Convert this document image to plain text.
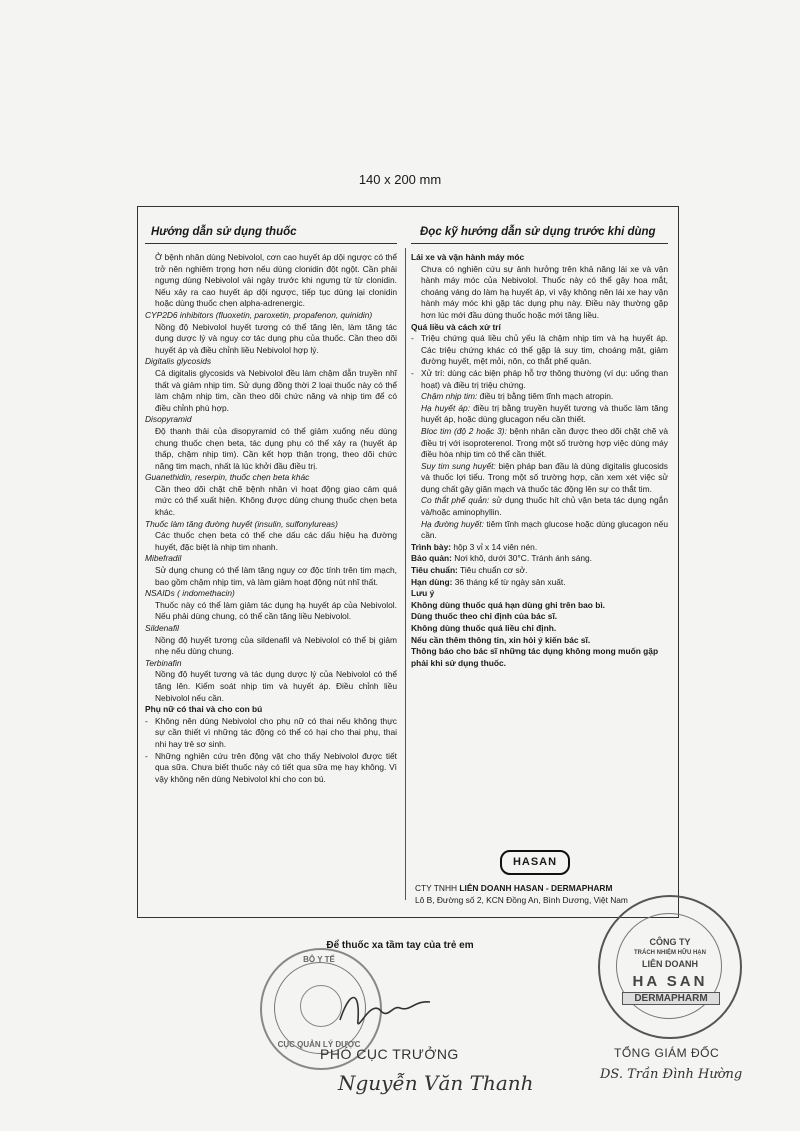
140 x 200 mm
Hướng dẫn sử dụng thuốc	Đọc kỹ hướng dẫn sử dụng trước khi dùng

Ở bệnh nhân dùng Nebivolol, cơn cao huyết áp dội ngược có thể trở nên nghiêm trọng hơn nếu dùng clonidin đột ngột. Cần phải ngưng dùng Nebivolol vài ngày trước khi ngưng từ từ clonidin. Nếu xảy ra cao huyết áp dội ngược, tiếp tục dùng lại clonidin hoặc dùng thuốc chẹn alpha-adrenergic.

CYP2D6 inhibitors (fluoxetin, paroxetin, propafenon, quinidin)

Nồng độ Nebivolol huyết tương có thể tăng lên, làm tăng tác dụng dược lý và nguy cơ tác dụng phụ của thuốc. Cần theo dõi huyết áp và điều chỉnh liều Nebivolol hợp lý.

Digitalis glycosids

Cả digitalis glycosids và Nebivolol đều làm chậm dẫn truyền nhĩ thất và giảm nhịp tim. Sử dụng đồng thời 2 loại thuốc này có thể làm chậm nhịp tim, cần theo dõi chức năng và nhịp tim để có điều chỉnh phù hợp.

Disopyramid

Độ thanh thải của disopyramid có thể giảm xuống nếu dùng chung thuốc chẹn beta, tác dụng phụ có thể xảy ra (huyết áp thấp, chậm nhịp tim). Cần kết hợp thận trọng, theo dõi chức năng tim mạch, nhất là lúc khởi đầu điều trị.

Guanethidin, reserpin, thuốc chẹn beta khác

Cần theo dõi chặt chẽ bệnh nhân vì hoạt động giao cảm quá mức có thể xuất hiện. Không được dùng chung thuốc chẹn beta khác.

Thuốc làm tăng đường huyết (insulin, sulfonylureas)

Các thuốc chẹn beta có thể che dấu các dấu hiệu hạ đường huyết, đặc biệt là nhịp tim nhanh.

Mibefradil

Sử dụng chung có thể làm tăng nguy cơ độc tính trên tim mạch, bao gồm chậm nhịp tim, và làm giảm hoạt động nút nhĩ thất.

NSAIDs ( indomethacin)

Thuốc này có thể làm giảm tác dụng hạ huyết áp của Nebivolol. Nếu phải dùng chung, có thể cần tăng liều Nebivolol.

Sildenafil

Nồng độ huyết tương của sildenafil và Nebivolol có thể bị giảm nhẹ nếu dùng chung.

Terbinafin

Nồng độ huyết tương và tác dụng dược lý của Nebivolol có thể tăng lên. Kiểm soát nhịp tim và huyết áp. Điều chỉnh liều Nebivolol nếu cần.

Phụ nữ có thai và cho con bú

- Không nên dùng Nebivolol cho phụ nữ có thai nếu không thực sự cần thiết vì những tác động có thể có hại cho thai phụ, thai nhi hay trẻ sơ sinh.

- Những nghiên cứu trên động vật cho thấy Nebivolol được tiết qua sữa. Chưa biết thuốc này có tiết qua sữa mẹ hay không. Vì vậy không nên dùng Nebivolol khi cho con bú.

Lái xe và vận hành máy móc

Chưa có nghiên cứu sự ảnh hưởng trên khả năng lái xe và vận hành máy móc của Nebivolol. Thuốc này có thể gây hoa mắt, choáng váng do làm hạ huyết áp, vì vậy không nên lái xe hay vận hành máy móc khi gặp tác dụng phụ này. Điều này thường gặp hơn lúc mới đầu dùng thuốc hoặc mới tăng liều.

Quá liều và cách xử trí

- Triệu chứng quá liều chủ yếu là chậm nhịp tim và hạ huyết áp. Các triệu chứng khác có thể gặp là suy tim, choáng mặt, giảm đường huyết, mệt mỏi, nôn, co thắt phế quản.

- Xử trí: dùng các biện pháp hỗ trợ thông thường (ví dụ: uống than hoạt) và điều trị triệu chứng.

Chậm nhịp tim: điều trị bằng tiêm tĩnh mạch atropin.

Hạ huyết áp: điều trị bằng truyền huyết tương và thuốc làm tăng huyết áp, hoặc dùng glucagon nếu cần thiết.

Bloc tim (độ 2 hoặc 3): bệnh nhân cần được theo dõi chặt chẽ và điều trị với isoproterenol. Trong một số trường hợp việc dùng máy điều hòa nhịp tim có thể cần thiết.

Suy tim sung huyết: biện pháp ban đầu là dùng digitalis glucosids và thuốc lợi tiểu. Trong một số trường hợp, cần xem xét việc sử dụng chất gây giãn mạch và thuốc tác động lên sự co thắt tim.

Co thắt phế quản: sử dụng thuốc hít chủ vận beta tác dụng ngắn và/hoặc aminophyllin.

Hạ đường huyết: tiêm tĩnh mạch glucose hoặc dùng glucagon nếu cần.

Trình bày: hộp 3 vỉ x 14 viên nén.

Bảo quản: Nơi khô, dưới 30°C. Tránh ánh sáng.

Tiêu chuẩn: Tiêu chuẩn cơ sở.

Hạn dùng: 36 tháng kể từ ngày sản xuất.

Lưu ý

Không dùng thuốc quá hạn dùng ghi trên bao bì.

Dùng thuốc theo chỉ định của bác sĩ.

Không dùng thuốc quá liều chỉ định.

Nếu cần thêm thông tin, xin hỏi ý kiến bác sĩ.

Thông báo cho bác sĩ những tác dụng không mong muốn gặp phải khi sử dụng thuốc.

HASAN
CTY TNHH LIÊN DOANH HASAN - DERMAPHARM
Lô B, Đường số 2, KCN Đồng An, Bình Dương, Việt Nam
Để thuốc xa tầm tay của trẻ em
BỘ Y TẾ
CỤC QUẢN LÝ DƯỢC
CÔNG TY
TRÁCH NHIỆM HỮU HẠN
LIÊN DOANH
HA SAN
DERMAPHARM
PHÓ CỤC TRƯỞNG
Nguyễn Văn Thanh
TỔNG GIÁM ĐỐC
DS. Trần Đình Hường
